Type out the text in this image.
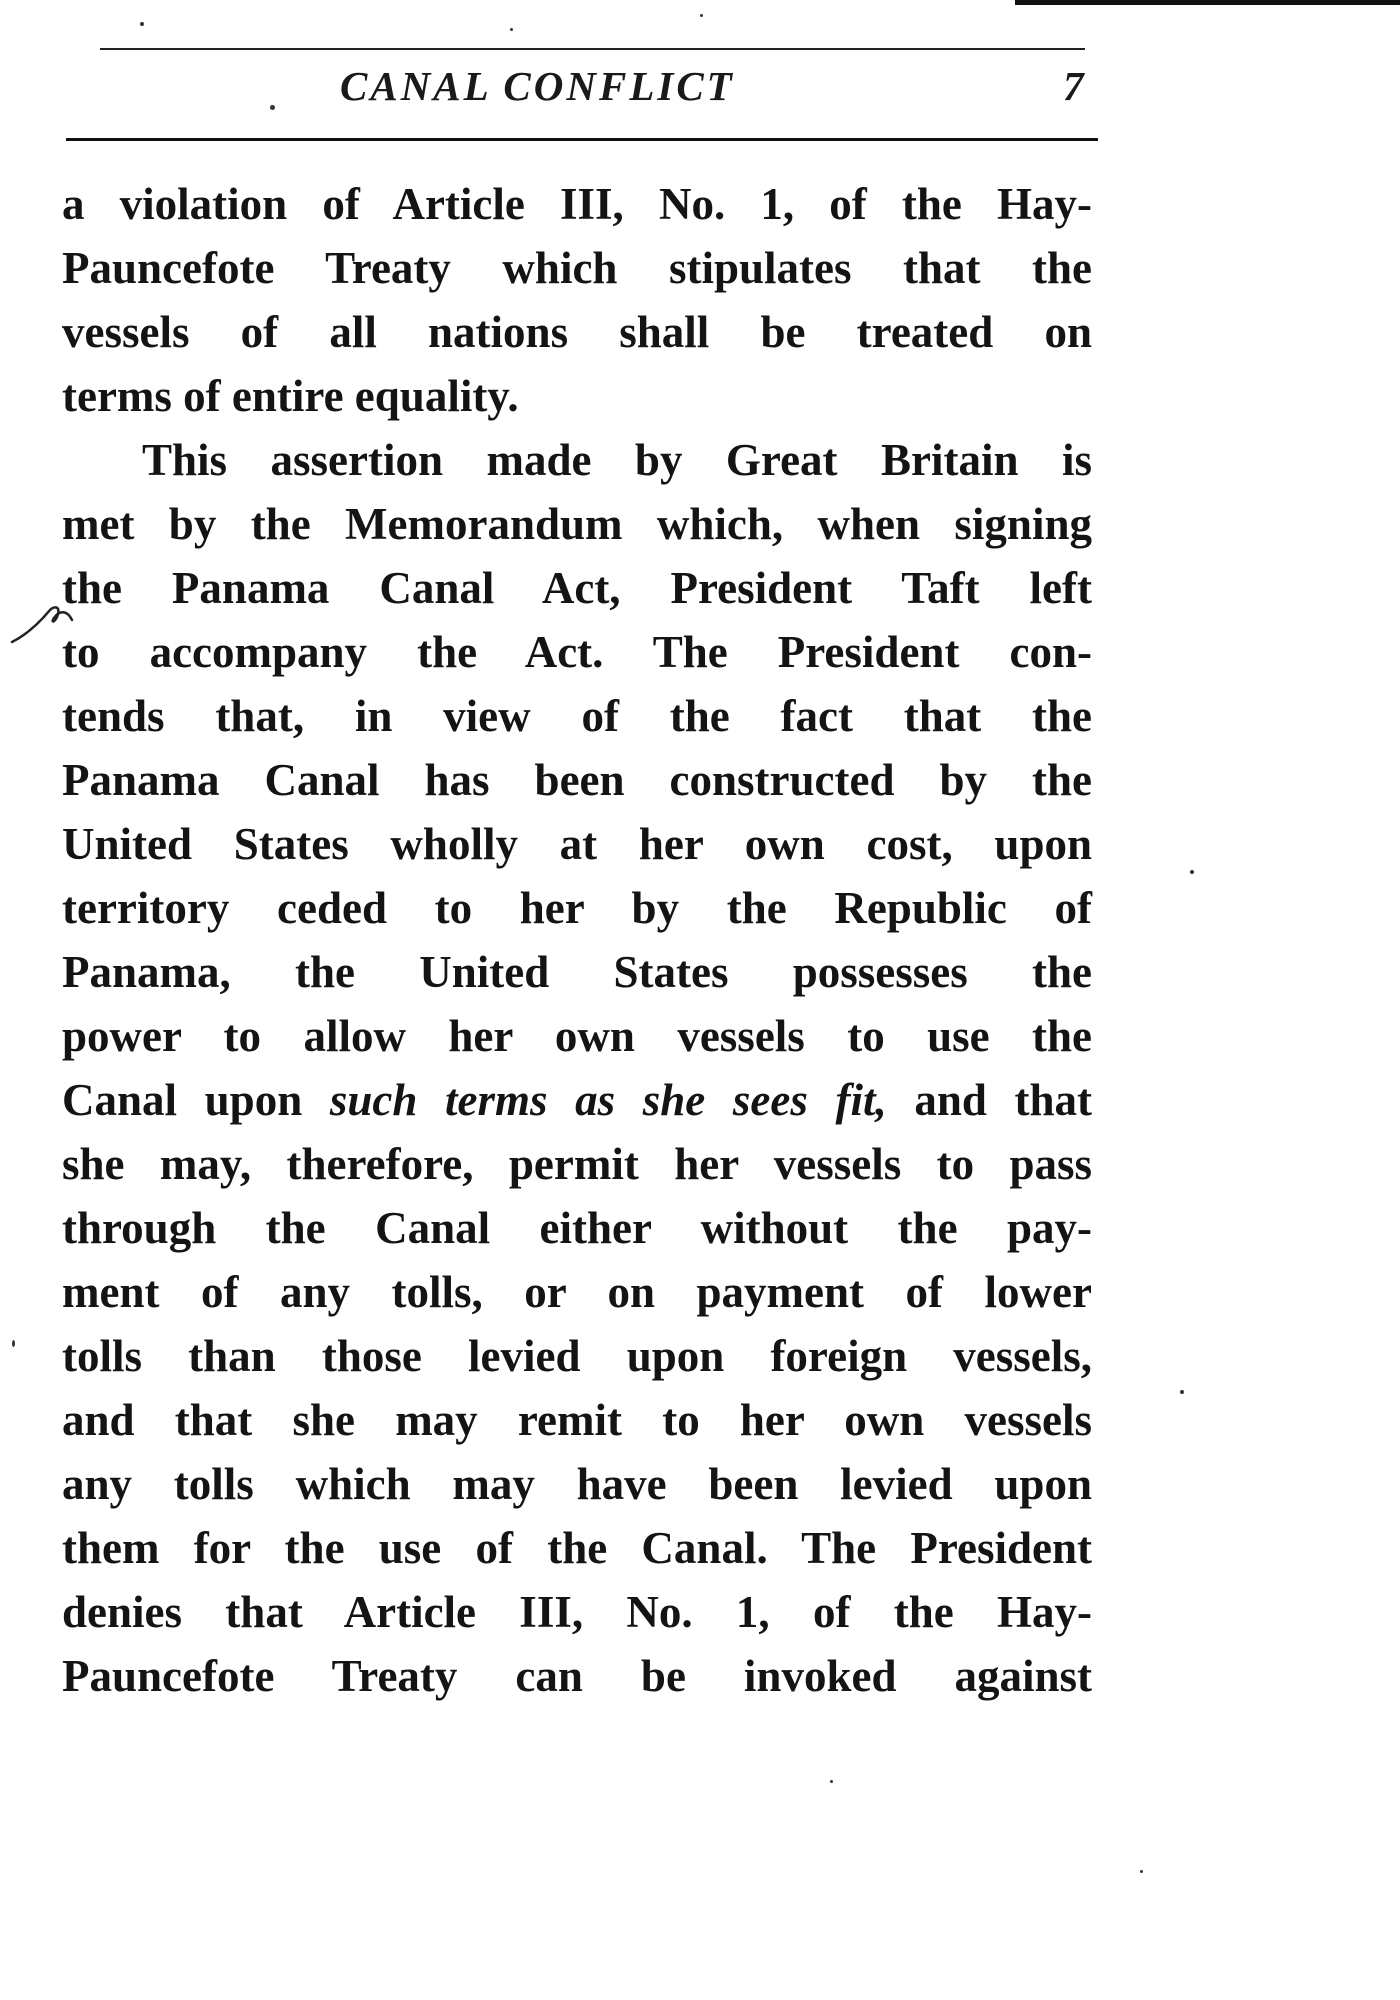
CANAL CONFLICT	7
a violation of Article III, No. 1, of the Hay-
Pauncefote Treaty which stipulates that the
vessels of all nations shall be treated on
terms of entire equality.
This assertion made by Great Britain is
met by the Memorandum which, when signing
the Panama Canal Act, President Taft left
to accompany the Act. The President con-
tends that, in view of the fact that the
Panama Canal has been constructed by the
United States wholly at her own cost, upon
territory ceded to her by the Republic of
Panama, the United States possesses the
power to allow her own vessels to use the
Canal upon such terms as she sees fit, and that
she may, therefore, permit her vessels to pass
through the Canal either without the pay-
ment of any tolls, or on payment of lower
tolls than those levied upon foreign vessels,
and that she may remit to her own vessels
any tolls which may have been levied upon
them for the use of the Canal. The President
denies that Article III, No. 1, of the Hay-
Pauncefote Treaty can be invoked against
